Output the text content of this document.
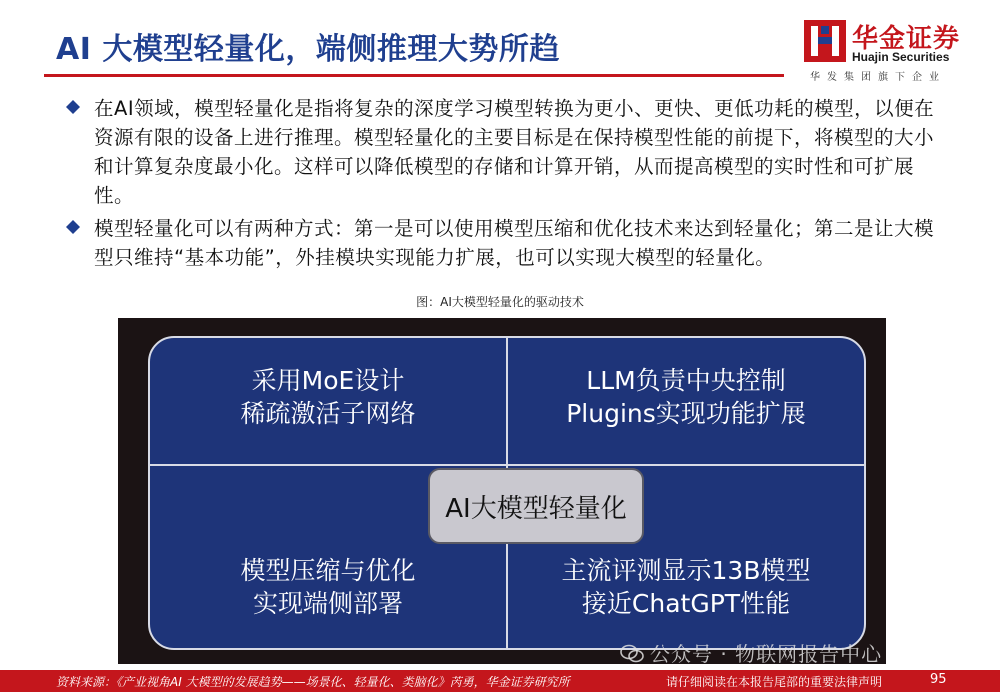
AI 大模型轻量化，端侧推理大势所趋	华金证券
Huajin Securities
华发集团旗下企业
在AI领域，模型轻量化是指将复杂的深度学习模型转换为更小、更快、更低功耗的模型，以便在资源有限的设备上进行推理。模型轻量化的主要目标是在保持模型性能的前提下，将模型的大小和计算复杂度最小化。这样可以降低模型的存储和计算开销，从而提高模型的实时性和可扩展性。
模型轻量化可以有两种方式：第一是可以使用模型压缩和优化技术来达到轻量化；第二是让大模型只维持“基本功能”，外挂模块实现能力扩展，也可以实现大模型的轻量化。
图：AI大模型轻量化的驱动技术
采用MoE设计
稀疏激活子网络
LLM负责中央控制
Plugins实现功能扩展
模型压缩与优化
实现端侧部署
主流评测显示13B模型
接近ChatGPT性能
AI大模型轻量化
公众号 · 物联网报告中心
资料来源：《产业视角AI 大模型的发展趋势——场景化、轻量化、类脑化》芮勇，华金证券研究所	请仔细阅读在本报告尾部的重要法律声明	95
